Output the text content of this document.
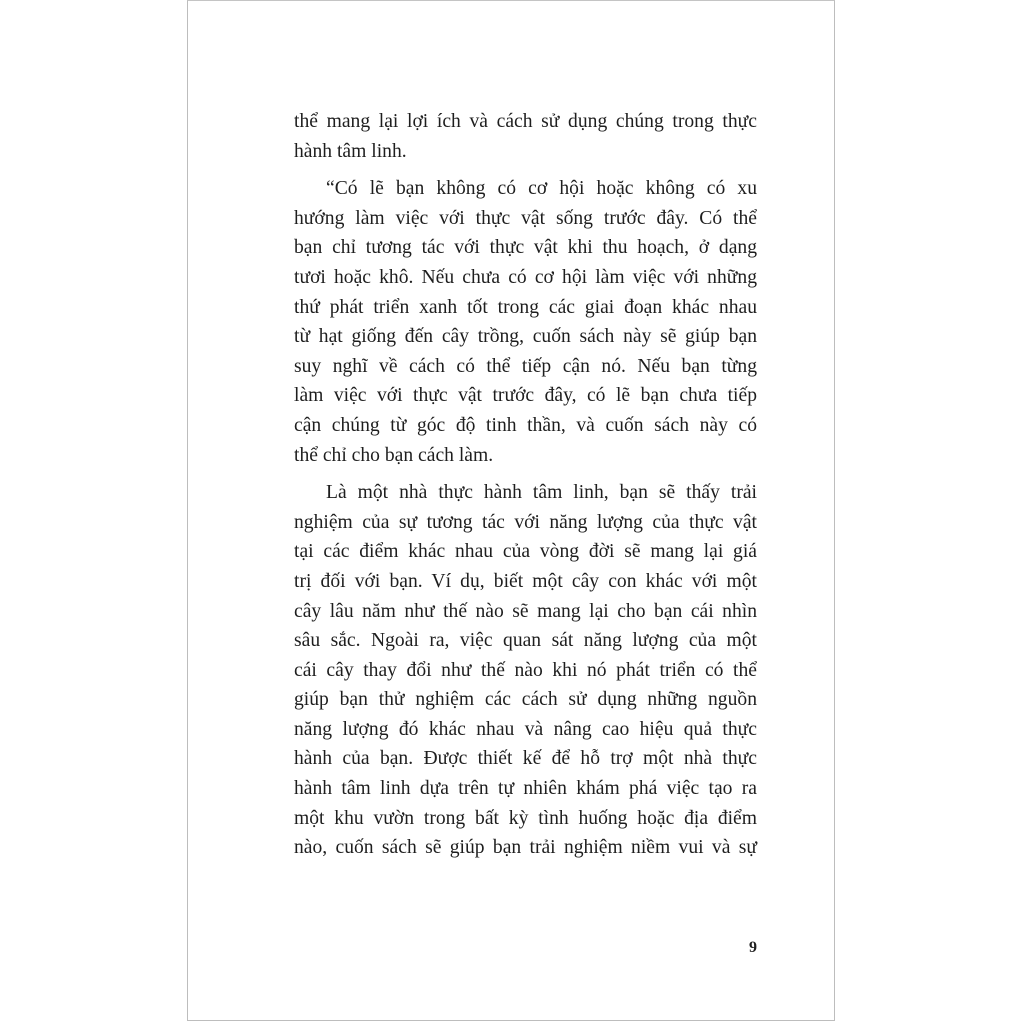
thể mang lại lợi ích và cách sử dụng chúng trong thực
hành tâm linh.
“Có lẽ bạn không có cơ hội hoặc không có xu
hướng làm việc với thực vật sống trước đây. Có thể
bạn chỉ tương tác với thực vật khi thu hoạch, ở dạng
tươi hoặc khô. Nếu chưa có cơ hội làm việc với những
thứ phát triển xanh tốt trong các giai đoạn khác nhau
từ hạt giống đến cây trồng, cuốn sách này sẽ giúp bạn
suy nghĩ về cách có thể tiếp cận nó. Nếu bạn từng
làm việc với thực vật trước đây, có lẽ bạn chưa tiếp
cận chúng từ góc độ tinh thần, và cuốn sách này có
thể chỉ cho bạn cách làm.
Là một nhà thực hành tâm linh, bạn sẽ thấy trải
nghiệm của sự tương tác với năng lượng của thực vật
tại các điểm khác nhau của vòng đời sẽ mang lại giá
trị đối với bạn. Ví dụ, biết một cây con khác với một
cây lâu năm như thế nào sẽ mang lại cho bạn cái nhìn
sâu sắc. Ngoài ra, việc quan sát năng lượng của một
cái cây thay đổi như thế nào khi nó phát triển có thể
giúp bạn thử nghiệm các cách sử dụng những nguồn
năng lượng đó khác nhau và nâng cao hiệu quả thực
hành của bạn. Được thiết kế để hỗ trợ một nhà thực
hành tâm linh dựa trên tự nhiên khám phá việc tạo ra
một khu vườn trong bất kỳ tình huống hoặc địa điểm
nào, cuốn sách sẽ giúp bạn trải nghiệm niềm vui và sự
9
